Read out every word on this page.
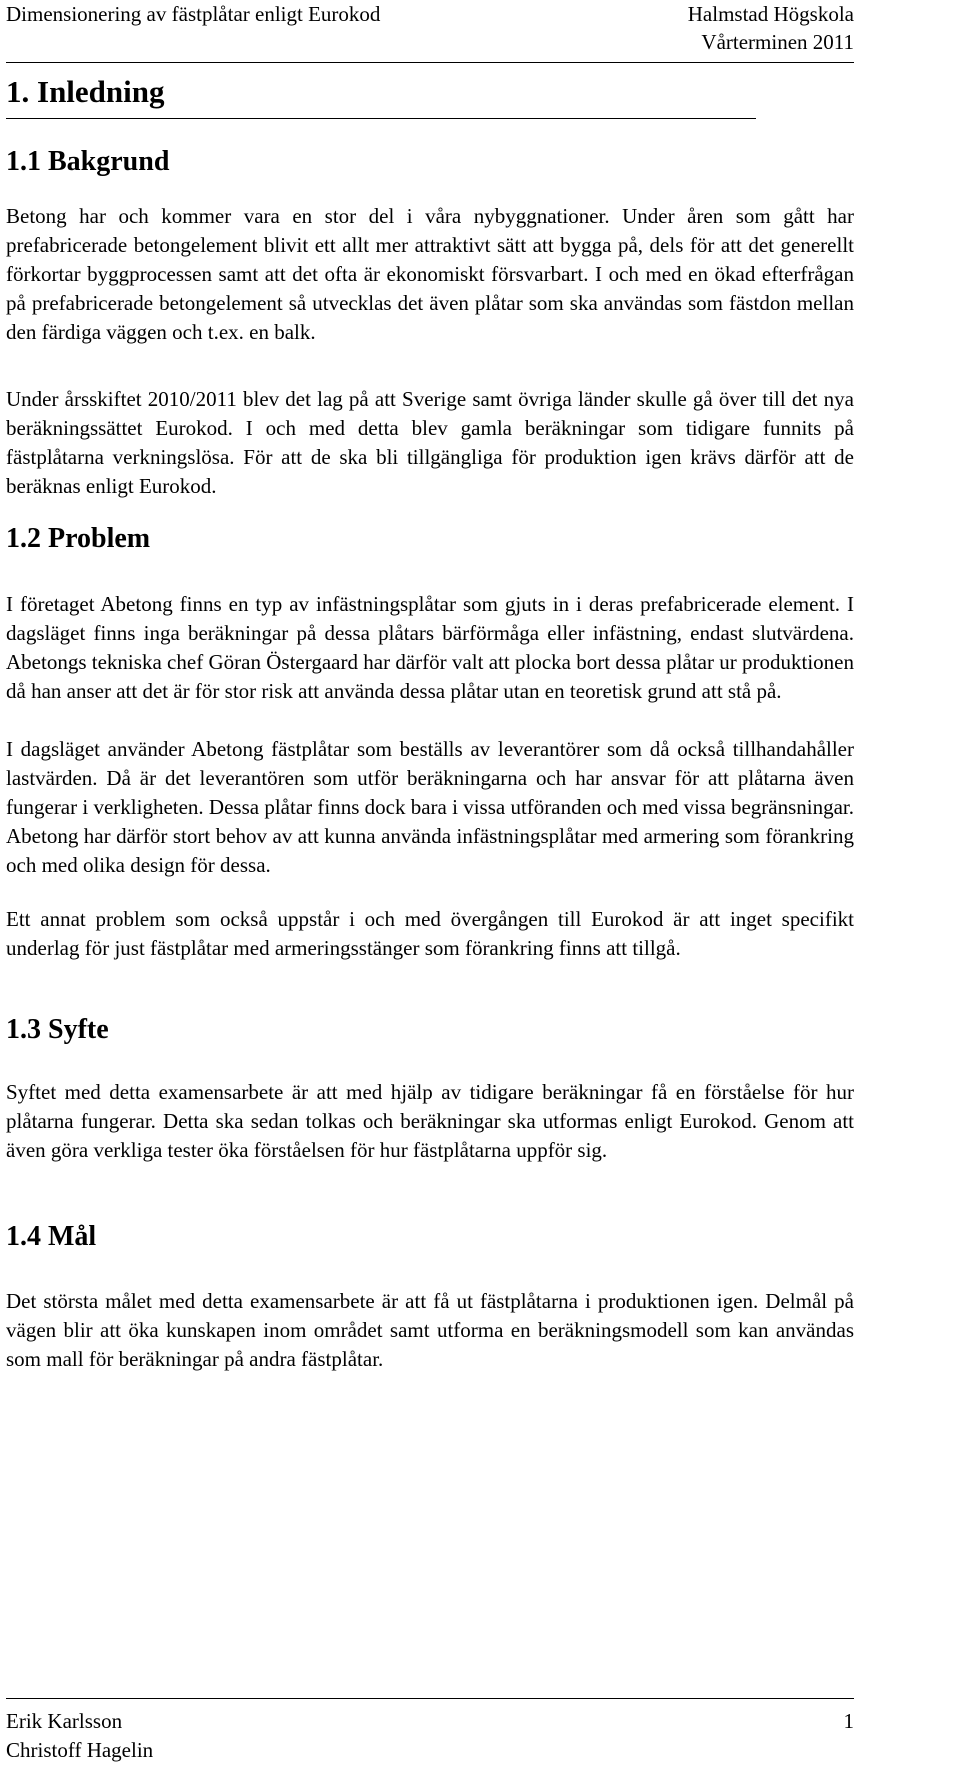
Dimensionering av fästplåtar enligt Eurokod	Halmstad Högskola
Vårterminen 2011
1. Inledning
1.1 Bakgrund

Betong har och kommer vara en stor del i våra nybyggnationer. Under åren som gått har prefabricerade betongelement blivit ett allt mer attraktivt sätt att bygga på, dels för att det generellt förkortar byggprocessen samt att det ofta är ekonomiskt försvarbart. I och med en ökad efterfrågan på prefabricerade betongelement så utvecklas det även plåtar som ska användas som fästdon mellan den färdiga väggen och t.ex. en balk.

Under årsskiftet 2010/2011 blev det lag på att Sverige samt övriga länder skulle gå över till det nya beräkningssättet Eurokod. I och med detta blev gamla beräkningar som tidigare funnits på fästplåtarna verkningslösa. För att de ska bli tillgängliga för produktion igen krävs därför att de beräknas enligt Eurokod.

1.2 Problem

I företaget Abetong finns en typ av infästningsplåtar som gjuts in i deras prefabricerade element. I dagsläget finns inga beräkningar på dessa plåtars bärförmåga eller infästning, endast slutvärdena. Abetongs tekniska chef Göran Östergaard har därför valt att plocka bort dessa plåtar ur produktionen då han anser att det är för stor risk att använda dessa plåtar utan en teoretisk grund att stå på.

I dagsläget använder Abetong fästplåtar som beställs av leverantörer som då också tillhandahåller lastvärden. Då är det leverantören som utför beräkningarna och har ansvar för att plåtarna även fungerar i verkligheten. Dessa plåtar finns dock bara i vissa utföranden och med vissa begränsningar. Abetong har därför stort behov av att kunna använda infästningsplåtar med armering som förankring och med olika design för dessa.

Ett annat problem som också uppstår i och med övergången till Eurokod är att inget specifikt underlag för just fästplåtar med armeringsstänger som förankring finns att tillgå.

1.3 Syfte

Syftet med detta examensarbete är att med hjälp av tidigare beräkningar få en förståelse för hur plåtarna fungerar. Detta ska sedan tolkas och beräkningar ska utformas enligt Eurokod. Genom att även göra verkliga tester öka förståelsen för hur fästplåtarna uppför sig.

1.4 Mål

Det största målet med detta examensarbete är att få ut fästplåtarna i produktionen igen. Delmål på vägen blir att öka kunskapen inom området samt utforma en beräkningsmodell som kan användas som mall för beräkningar på andra fästplåtar.

Erik Karlsson
Christoff Hagelin
1
